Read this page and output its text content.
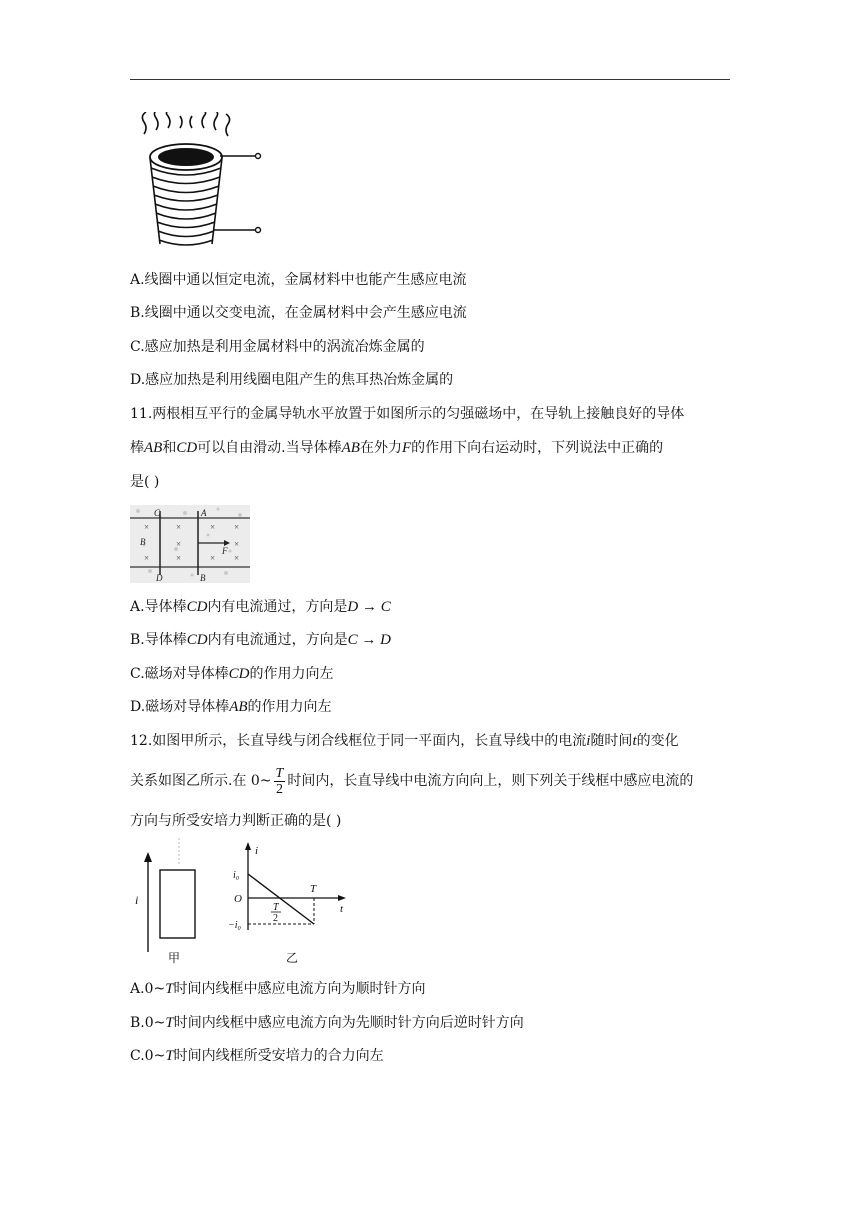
A.线圈中通以恒定电流，金属材料中也能产生感应电流
B.线圈中通以交变电流，在金属材料中会产生感应电流
C.感应加热是利用金属材料中的涡流冶炼金属的
D.感应加热是利用线圈电阻产生的焦耳热冶炼金属的
11.两根相互平行的金属导轨水平放置于如图所示的匀强磁场中，在导轨上接触良好的导体
棒AB和CD可以自由滑动.当导体棒AB在外力F的作用下向右运动时，下列说法中正确的
是( )
C
D
A
B
B
×	×	× ×
×	×
×	×	× ×
F
A.导体棒CD内有电流通过，方向是D → C
B.导体棒CD内有电流通过，方向是C → D
C.磁场对导体棒CD的作用力向左
D.磁场对导体棒AB的作用力向左
12.如图甲所示，长直导线与闭合线框位于同一平面内，长直导线中的电流i随时间t的变化
关系如图乙所示.在 0~ $\frac{T}{2}$ 时间内，长直导线中电流方向向上，则下列关于线框中感应电流的
方向与所受安培力判断正确的是( )
i
甲
i
t
O
i₀
−i₀
T
T
2
乙
A.0~T时间内线框中感应电流方向为顺时针方向
B.0~T时间内线框中感应电流方向为先顺时针方向后逆时针方向
C.0~T时间内线框所受安培力的合力向左
